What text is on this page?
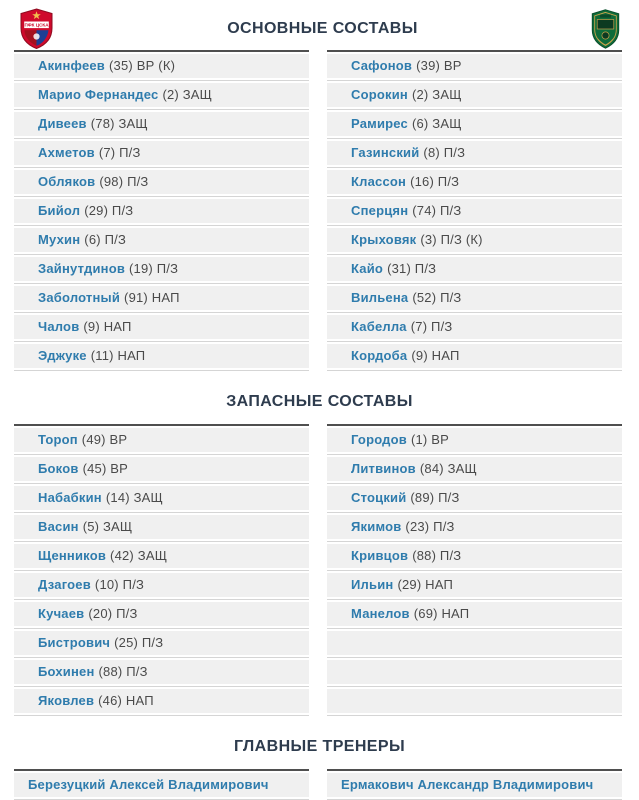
ПФК ЦСКА	ОСНОВНЫЕ СОСТАВЫ
Акинфеев (35) ВР (К)
Марио Фернандес (2) ЗАЩ
Дивеев (78) ЗАЩ
Ахметов (7) П/З
Обляков (98) П/З
Бийол (29) П/З
Мухин (6) П/З
Зайнутдинов (19) П/З
Заболотный (91) НАП
Чалов (9) НАП
Эджуке (11) НАП
Сафонов (39) ВР
Сорокин (2) ЗАЩ
Рамирес (6) ЗАЩ
Газинский (8) П/З
Классон (16) П/З
Сперцян (74) П/З
Крыховяк (3) П/З (К)
Кайо (31) П/З
Вильена (52) П/З
Кабелла (7) П/З
Кордоба (9) НАП
ЗАПАСНЫЕ СОСТАВЫ
Тороп (49) ВР
Боков (45) ВР
Набабкин (14) ЗАЩ
Васин (5) ЗАЩ
Щенников (42) ЗАЩ
Дзагоев (10) П/З
Кучаев (20) П/З
Бистрович (25) П/З
Бохинен (88) П/З
Яковлев (46) НАП
Городов (1) ВР
Литвинов (84) ЗАЩ
Стоцкий (89) П/З
Якимов (23) П/З
Кривцов (88) П/З
Ильин (29) НАП
Манелов (69) НАП
ГЛАВНЫЕ ТРЕНЕРЫ
Березуцкий Алексей Владимирович	Ермакович Александр Владимирович
